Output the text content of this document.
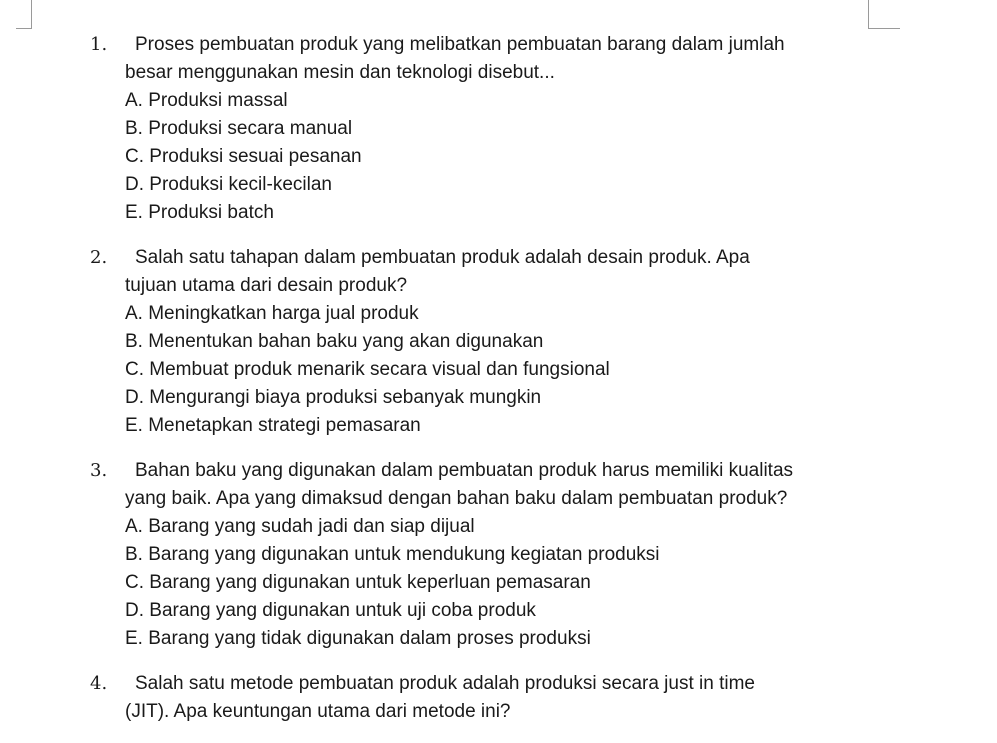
1. Proses pembuatan produk yang melibatkan pembuatan barang dalam jumlah
besar menggunakan mesin dan teknologi disebut...
A. Produksi massal
B. Produksi secara manual
C. Produksi sesuai pesanan
D. Produksi kecil-kecilan
E. Produksi batch
2. Salah satu tahapan dalam pembuatan produk adalah desain produk. Apa
tujuan utama dari desain produk?
A. Meningkatkan harga jual produk
B. Menentukan bahan baku yang akan digunakan
C. Membuat produk menarik secara visual dan fungsional
D. Mengurangi biaya produksi sebanyak mungkin
E. Menetapkan strategi pemasaran
3. Bahan baku yang digunakan dalam pembuatan produk harus memiliki kualitas
yang baik. Apa yang dimaksud dengan bahan baku dalam pembuatan produk?
A. Barang yang sudah jadi dan siap dijual
B. Barang yang digunakan untuk mendukung kegiatan produksi
C. Barang yang digunakan untuk keperluan pemasaran
D. Barang yang digunakan untuk uji coba produk
E. Barang yang tidak digunakan dalam proses produksi
4. Salah satu metode pembuatan produk adalah produksi secara just in time
(JIT). Apa keuntungan utama dari metode ini?
